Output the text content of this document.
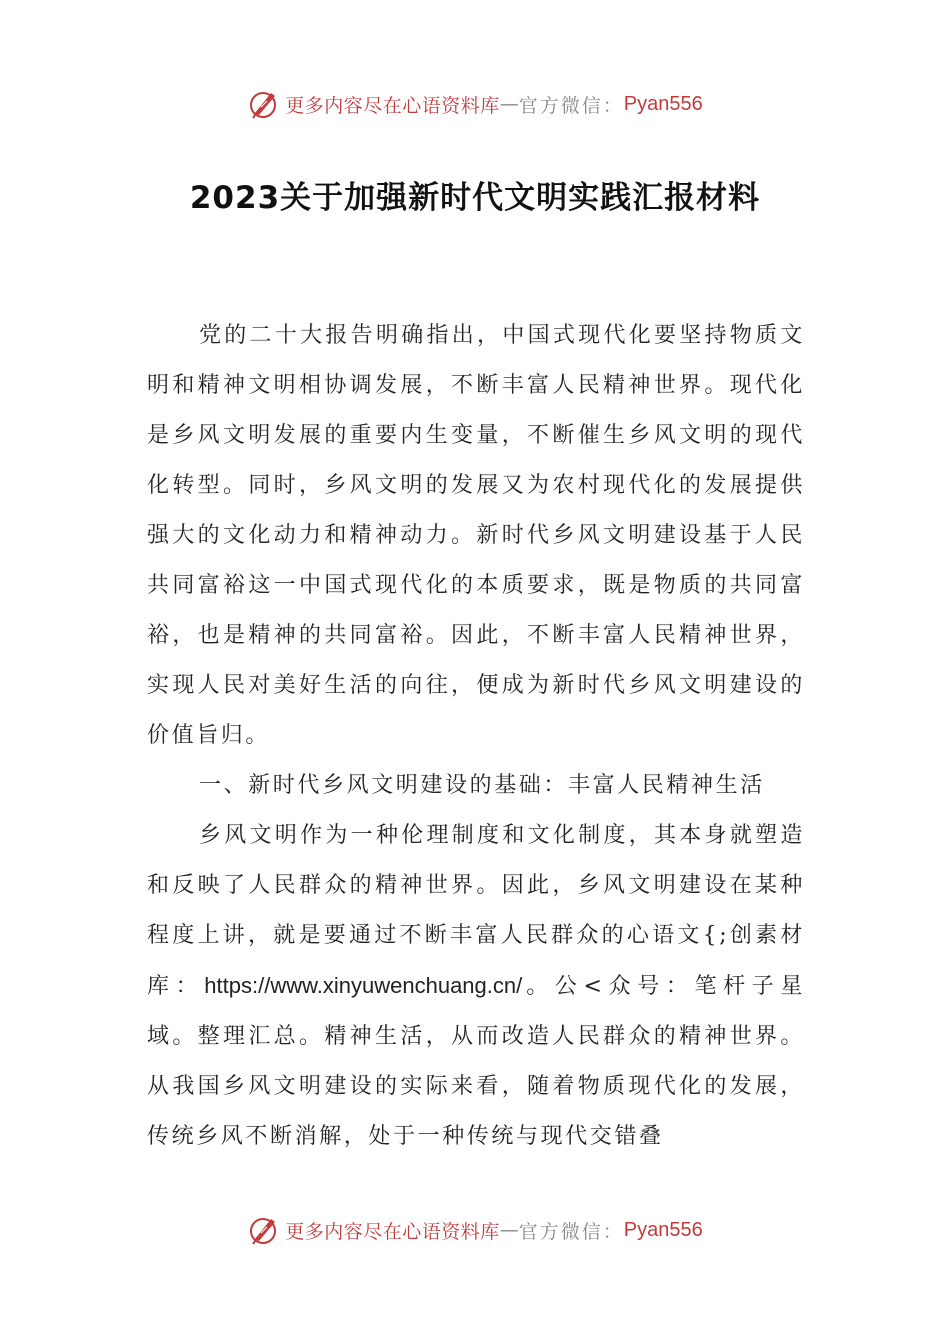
更多内容尽在心语资料库 — 官方微信： Pyan556
2023关于加强新时代文明实践汇报材料

党的二十大报告明确指出，中国式现代化要坚持物质文明和精神文明相协调发展，不断丰富人民精神世界。现代化是乡风文明发展的重要内生变量，不断催生乡风文明的现代化转型。同时，乡风文明的发展又为农村现代化的发展提供强大的文化动力和精神动力。新时代乡风文明建设基于人民共同富裕这一中国式现代化的本质要求，既是物质的共同富裕，也是精神的共同富裕。因此，不断丰富人民精神世界，实现人民对美好生活的向往，便成为新时代乡风文明建设的价值旨归。

一、新时代乡风文明建设的基础：丰富人民精神生活

乡风文明作为一种伦理制度和文化制度，其本身就塑造和反映了人民群众的精神世界。因此，乡风文明建设在某种程度上讲，就是要通过不断丰富人民群众的心语文{;创素材库：https://www.xinyuwenchuang.cn/。公<众号：笔杆子星域。整理汇总。精神生活，从而改造人民群众的精神世界。从我国乡风文明建设的实际来看，随着物质现代化的发展，传统乡风不断消解，处于一种传统与现代交错叠

更多内容尽在心语资料库 — 官方微信： Pyan556
